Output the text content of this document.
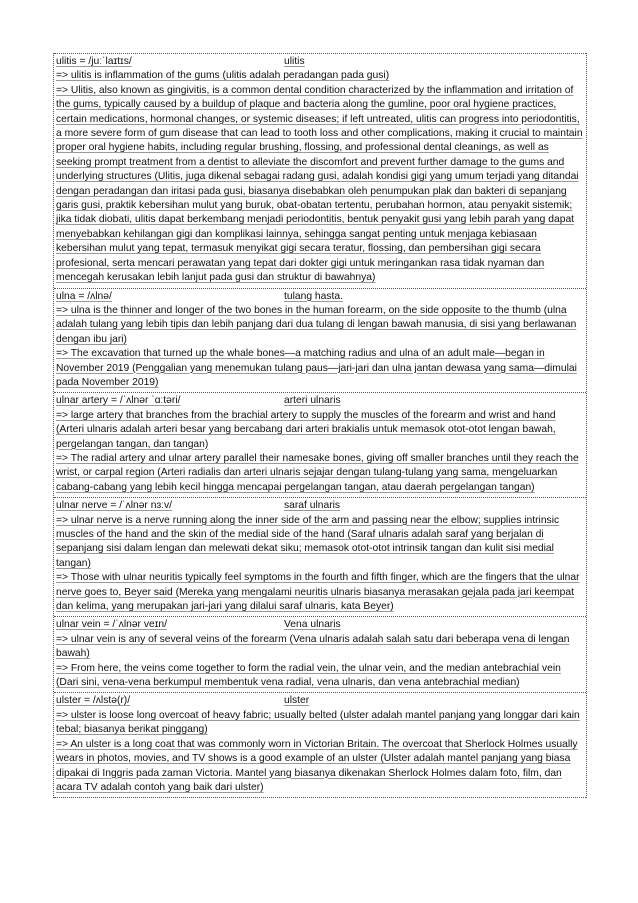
ulitis = /juːˈlaɪtɪs/	ulitis

=> ulitis is inflammation of the gums (ulitis adalah peradangan pada gusi)

=> Ulitis, also known as gingivitis, is a common dental condition characterized by the inflammation and irritation of the gums, typically caused by a buildup of plaque and bacteria along the gumline, poor oral hygiene practices, certain medications, hormonal changes, or systemic diseases; if left untreated, ulitis can progress into periodontitis, a more severe form of gum disease that can lead to tooth loss and other complications, making it crucial to maintain proper oral hygiene habits, including regular brushing, flossing, and professional dental cleanings, as well as seeking prompt treatment from a dentist to alleviate the discomfort and prevent further damage to the gums and underlying structures (Ulitis, juga dikenal sebagai radang gusi, adalah kondisi gigi yang umum terjadi yang ditandai dengan peradangan dan iritasi pada gusi, biasanya disebabkan oleh penumpukan plak dan bakteri di sepanjang garis gusi, praktik kebersihan mulut yang buruk, obat-obatan tertentu, perubahan hormon, atau penyakit sistemik; jika tidak diobati, ulitis dapat berkembang menjadi periodontitis, bentuk penyakit gusi yang lebih parah yang dapat menyebabkan kehilangan gigi dan komplikasi lainnya, sehingga sangat penting untuk menjaga kebiasaan kebersihan mulut yang tepat, termasuk menyikat gigi secara teratur, flossing, dan pembersihan gigi secara profesional, serta mencari perawatan yang tepat dari dokter gigi untuk meringankan rasa tidak nyaman dan mencegah kerusakan lebih lanjut pada gusi dan struktur di bawahnya)

ulna = /ʌlnə/	tulang hasta.

=> ulna is the thinner and longer of the two bones in the human forearm, on the side opposite to the thumb (ulna adalah tulang yang lebih tipis dan lebih panjang dari dua tulang di lengan bawah manusia, di sisi yang berlawanan dengan ibu jari)

=> The excavation that turned up the whale bones—a matching radius and ulna of an adult male—began in November 2019 (Penggalian yang menemukan tulang paus—jari-jari dan ulna jantan dewasa yang sama—dimulai pada November 2019)

ulnar artery = /ˈʌlnər ˈɑːtəri/	arteri ulnaris

=> large artery that branches from the brachial artery to supply the muscles of the forearm and wrist and hand (Arteri ulnaris adalah arteri besar yang bercabang dari arteri brakialis untuk memasok otot-otot lengan bawah, pergelangan tangan, dan tangan)

=> The radial artery and ulnar artery parallel their namesake bones, giving off smaller branches until they reach the wrist, or carpal region (Arteri radialis dan arteri ulnaris sejajar dengan tulang-tulang yang sama, mengeluarkan cabang-cabang yang lebih kecil hingga mencapai pergelangan tangan, atau daerah pergelangan tangan)

ulnar nerve = /ˈʌlnər nɜːv/	saraf ulnaris

=> ulnar nerve is a nerve running along the inner side of the arm and passing near the elbow; supplies intrinsic muscles of the hand and the skin of the medial side of the hand (Saraf ulnaris adalah saraf yang berjalan di sepanjang sisi dalam lengan dan melewati dekat siku; memasok otot-otot intrinsik tangan dan kulit sisi medial tangan)

=> Those with ulnar neuritis typically feel symptoms in the fourth and fifth finger, which are the fingers that the ulnar nerve goes to, Beyer said (Mereka yang mengalami neuritis ulnaris biasanya merasakan gejala pada jari keempat dan kelima, yang merupakan jari-jari yang dilalui saraf ulnaris, kata Beyer)

ulnar vein = /ˈʌlnər veɪn/	Vena ulnaris

=> ulnar vein is any of several veins of the forearm (Vena ulnaris adalah salah satu dari beberapa vena di lengan bawah)

=> From here, the veins come together to form the radial vein, the ulnar vein, and the median antebrachial vein (Dari sini, vena-vena berkumpul membentuk vena radial, vena ulnaris, dan vena antebrachial median)

ulster = /ʌlstə(r)/	ulster

=> ulster is loose long overcoat of heavy fabric; usually belted (ulster adalah mantel panjang yang longgar dari kain tebal; biasanya berikat pinggang)

=> An ulster is a long coat that was commonly worn in Victorian Britain. The overcoat that Sherlock Holmes usually wears in photos, movies, and TV shows is a good example of an ulster (Ulster adalah mantel panjang yang biasa dipakai di Inggris pada zaman Victoria. Mantel yang biasanya dikenakan Sherlock Holmes dalam foto, film, dan acara TV adalah contoh yang baik dari ulster)
